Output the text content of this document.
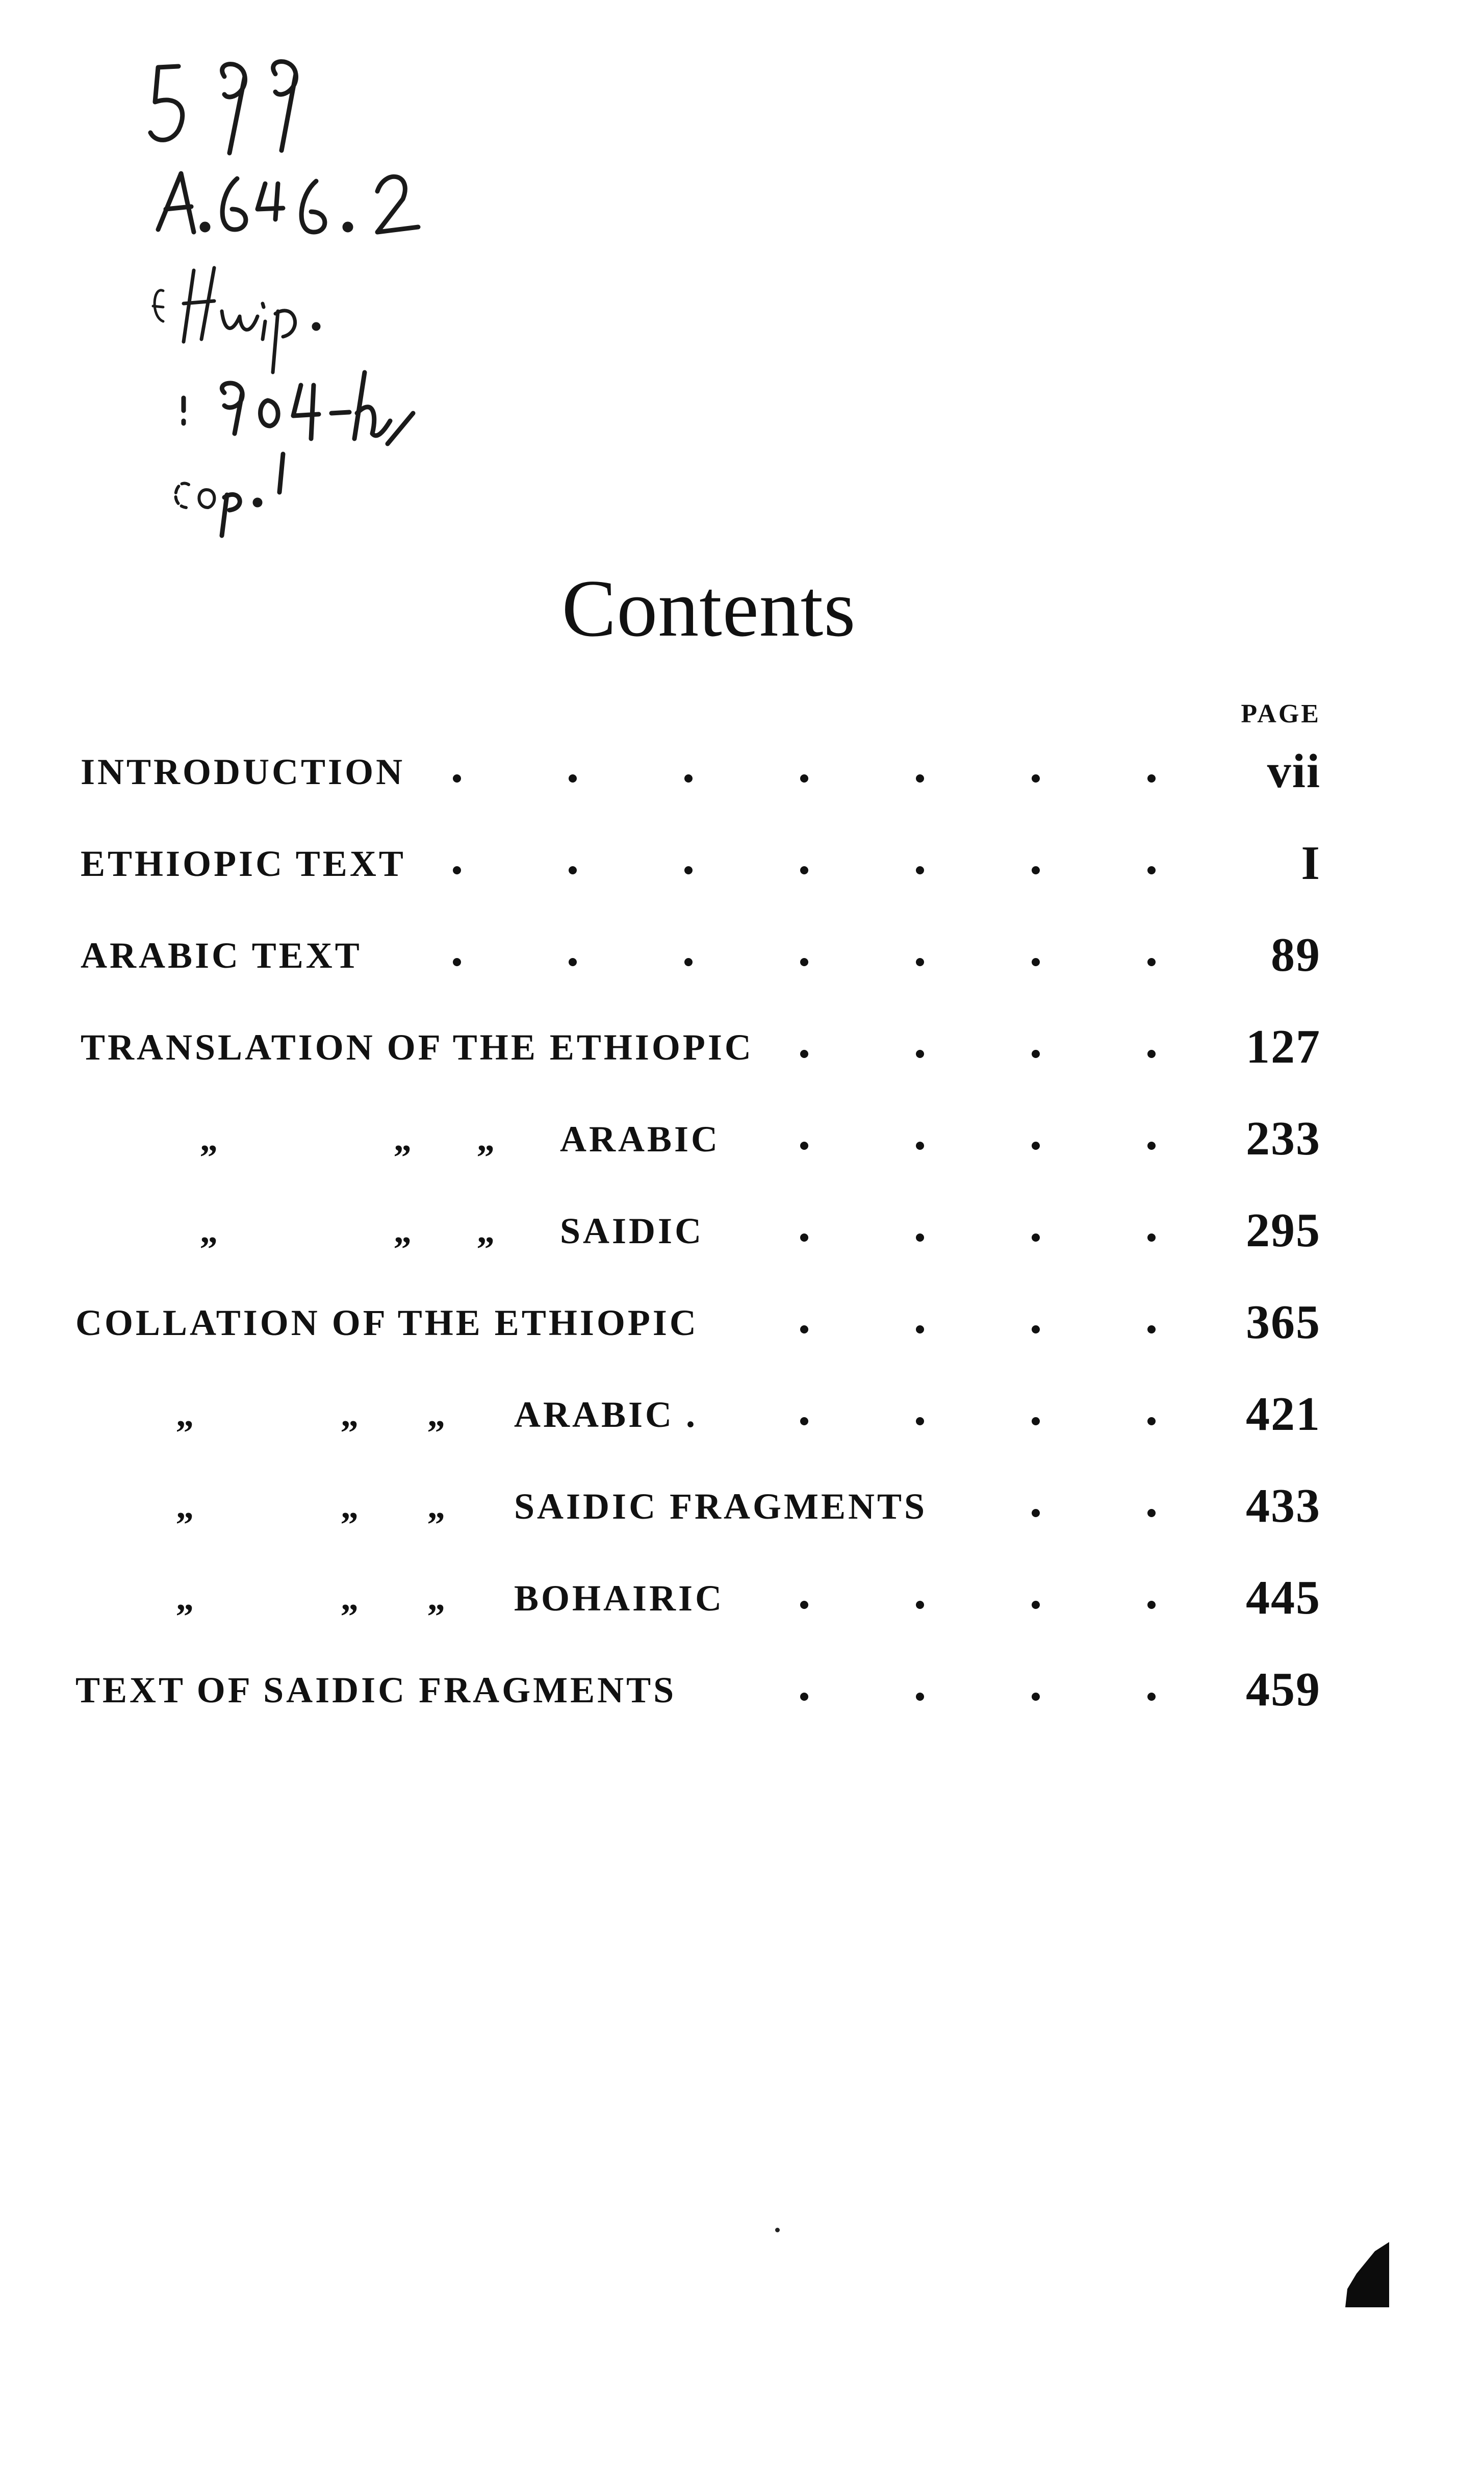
Contents
PAGE
INTRODUCTION	vii
ETHIOPIC TEXT	I
ARABIC TEXT	89
TRANSLATION OF THE ETHIOPIC	127
„	„ „ ARABIC	233
„	„ „ SAIDIC	295
COLLATION OF THE ETHIOPIC	365
„	„ „ ARABIC .	421
„	„ „ SAIDIC FRAGMENTS	433
„	„ „ BOHAIRIC	445
TEXT OF SAIDIC FRAGMENTS	459
